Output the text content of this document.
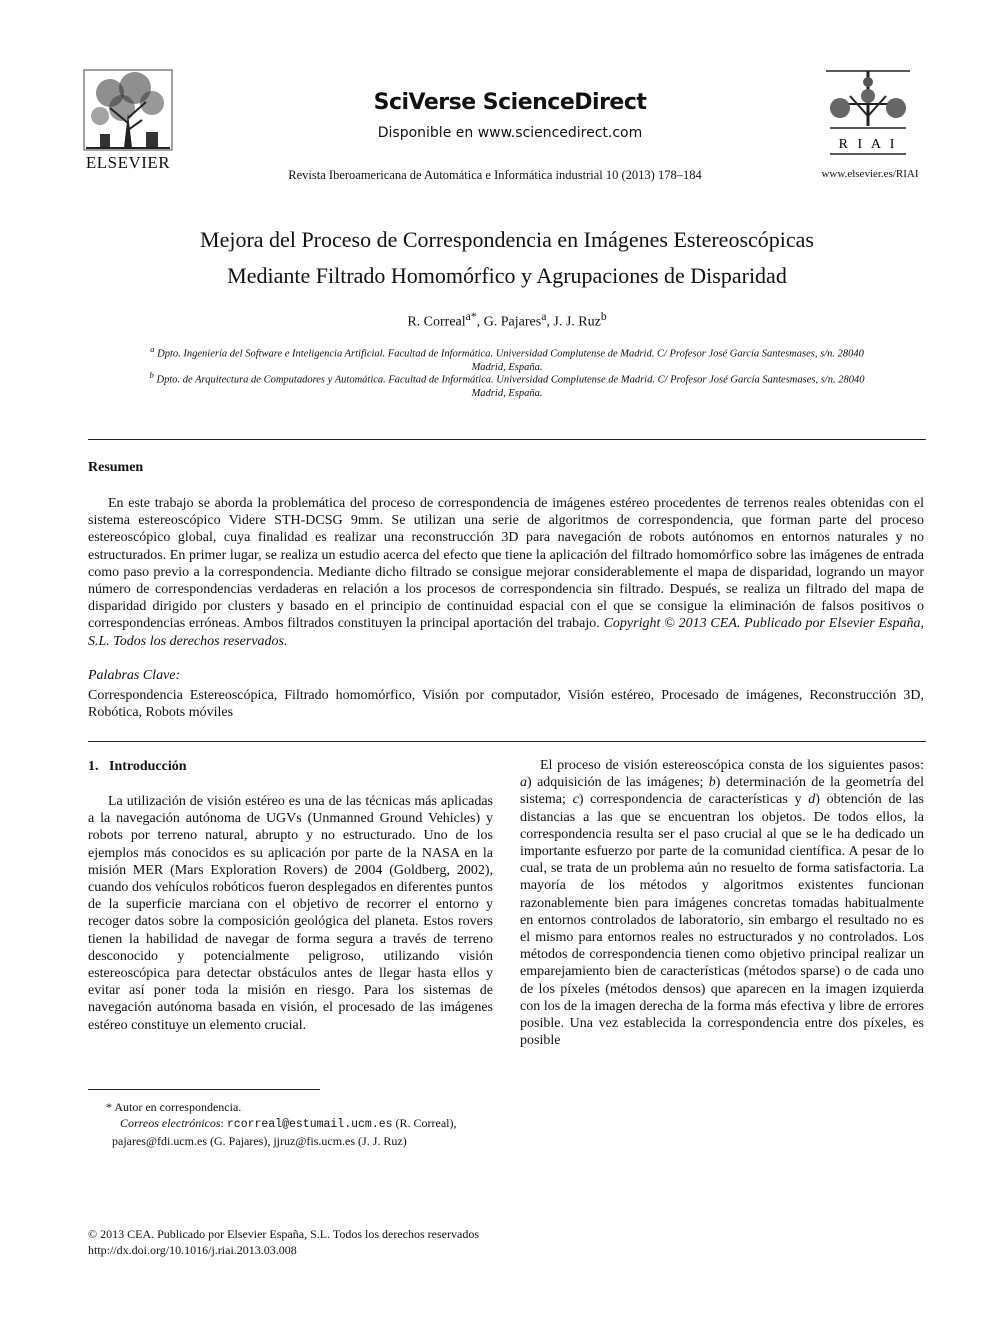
ELSEVIER
SciVerse ScienceDirect
Disponible en www.sciencedirect.com
Revista Iberoamericana de Automática e Informática industrial 10 (2013) 178–184
R I A I
www.elsevier.es/RIAI
Mejora del Proceso de Correspondencia en Imágenes Estereoscópicas
Mediante Filtrado Homomórfico y Agrupaciones de Disparidad
R. Correal$^{a*}$, G. Pajares$^a$, J. J. Ruz$^b$
$^a$ Dpto. Ingeniería del Software e Inteligencia Artificial. Facultad de Informática. Universidad Complutense de Madrid. C/ Profesor José García Santesmases, s/n. 28040
Madrid, España.
$^b$ Dpto. de Arquitectura de Computadores y Automática. Facultad de Informática. Universidad Complutense de Madrid. C/ Profesor José García Santesmases, s/n. 28040
Madrid, España.
Resumen
En este trabajo se aborda la problemática del proceso de correspondencia de imágenes estéreo procedentes de terrenos reales obtenidas con el sistema estereoscópico Videre STH-DCSG 9mm. Se utilizan una serie de algoritmos de correspondencia, que forman parte del proceso estereoscópico global, cuya finalidad es realizar una reconstrucción 3D para navegación de robots autónomos en entornos naturales y no estructurados. En primer lugar, se realiza un estudio acerca del efecto que tiene la aplicación del filtrado homomórfico sobre las imágenes de entrada como paso previo a la correspondencia. Mediante dicho filtrado se consigue mejorar considerablemente el mapa de disparidad, logrando un mayor número de correspondencias verdaderas en relación a los procesos de correspondencia sin filtrado. Después, se realiza un filtrado del mapa de disparidad dirigido por clusters y basado en el principio de continuidad espacial con el que se consigue la eliminación de falsos positivos o correspondencias erróneas. Ambos filtrados constituyen la principal aportación del trabajo. Copyright © 2013 CEA. Publicado por Elsevier España, S.L. Todos los derechos reservados.
Palabras Clave:
Correspondencia Estereoscópica, Filtrado homomórfico, Visión por computador, Visión estéreo, Procesado de imágenes, Reconstrucción 3D, Robótica, Robots móviles
1.   Introducción
La utilización de visión estéreo es una de las técnicas más aplicadas a la navegación autónoma de UGVs (Unmanned Ground Vehicles) y robots por terreno natural, abrupto y no estructurado. Uno de los ejemplos más conocidos es su aplicación por parte de la NASA en la misión MER (Mars Exploration Rovers) de 2004 (Goldberg, 2002), cuando dos vehículos robóticos fueron desplegados en diferentes puntos de la superficie marciana con el objetivo de recorrer el entorno y recoger datos sobre la composición geológica del planeta. Estos rovers tienen la habilidad de navegar de forma segura a través de terreno desconocido y potencialmente peligroso, utilizando visión estereoscópica para detectar obstáculos antes de llegar hasta ellos y evitar así poner toda la misión en riesgo. Para los sistemas de navegación autónoma basada en visión, el procesado de las imágenes estéreo constituye un elemento crucial.
El proceso de visión estereoscópica consta de los siguientes pasos: a) adquisición de las imágenes; b) determinación de la geometría del sistema; c) correspondencia de características y d) obtención de las distancias a las que se encuentran los objetos. De todos ellos, la correspondencia resulta ser el paso crucial al que se le ha dedicado un importante esfuerzo por parte de la comunidad científica. A pesar de lo cual, se trata de un problema aún no resuelto de forma satisfactoria. La mayoría de los métodos y algoritmos existentes funcionan razonablemente bien para imágenes concretas tomadas habitualmente en entornos controlados de laboratorio, sin embargo el resultado no es el mismo para entornos reales no estructurados y no controlados. Los métodos de correspondencia tienen como objetivo principal realizar un emparejamiento bien de características (métodos sparse) o de cada uno de los píxeles (métodos densos) que aparecen en la imagen izquierda con los de la imagen derecha de la forma más efectiva y libre de errores posible. Una vez establecida la correspondencia entre dos píxeles, es posible
* Autor en correspondencia.
Correos electrónicos: rcorreal@estumail.ucm.es (R. Correal),
pajares@fdi.ucm.es (G. Pajares), jjruz@fis.ucm.es (J. J. Ruz)
© 2013 CEA. Publicado por Elsevier España, S.L. Todos los derechos reservados
http://dx.doi.org/10.1016/j.riai.2013.03.008
